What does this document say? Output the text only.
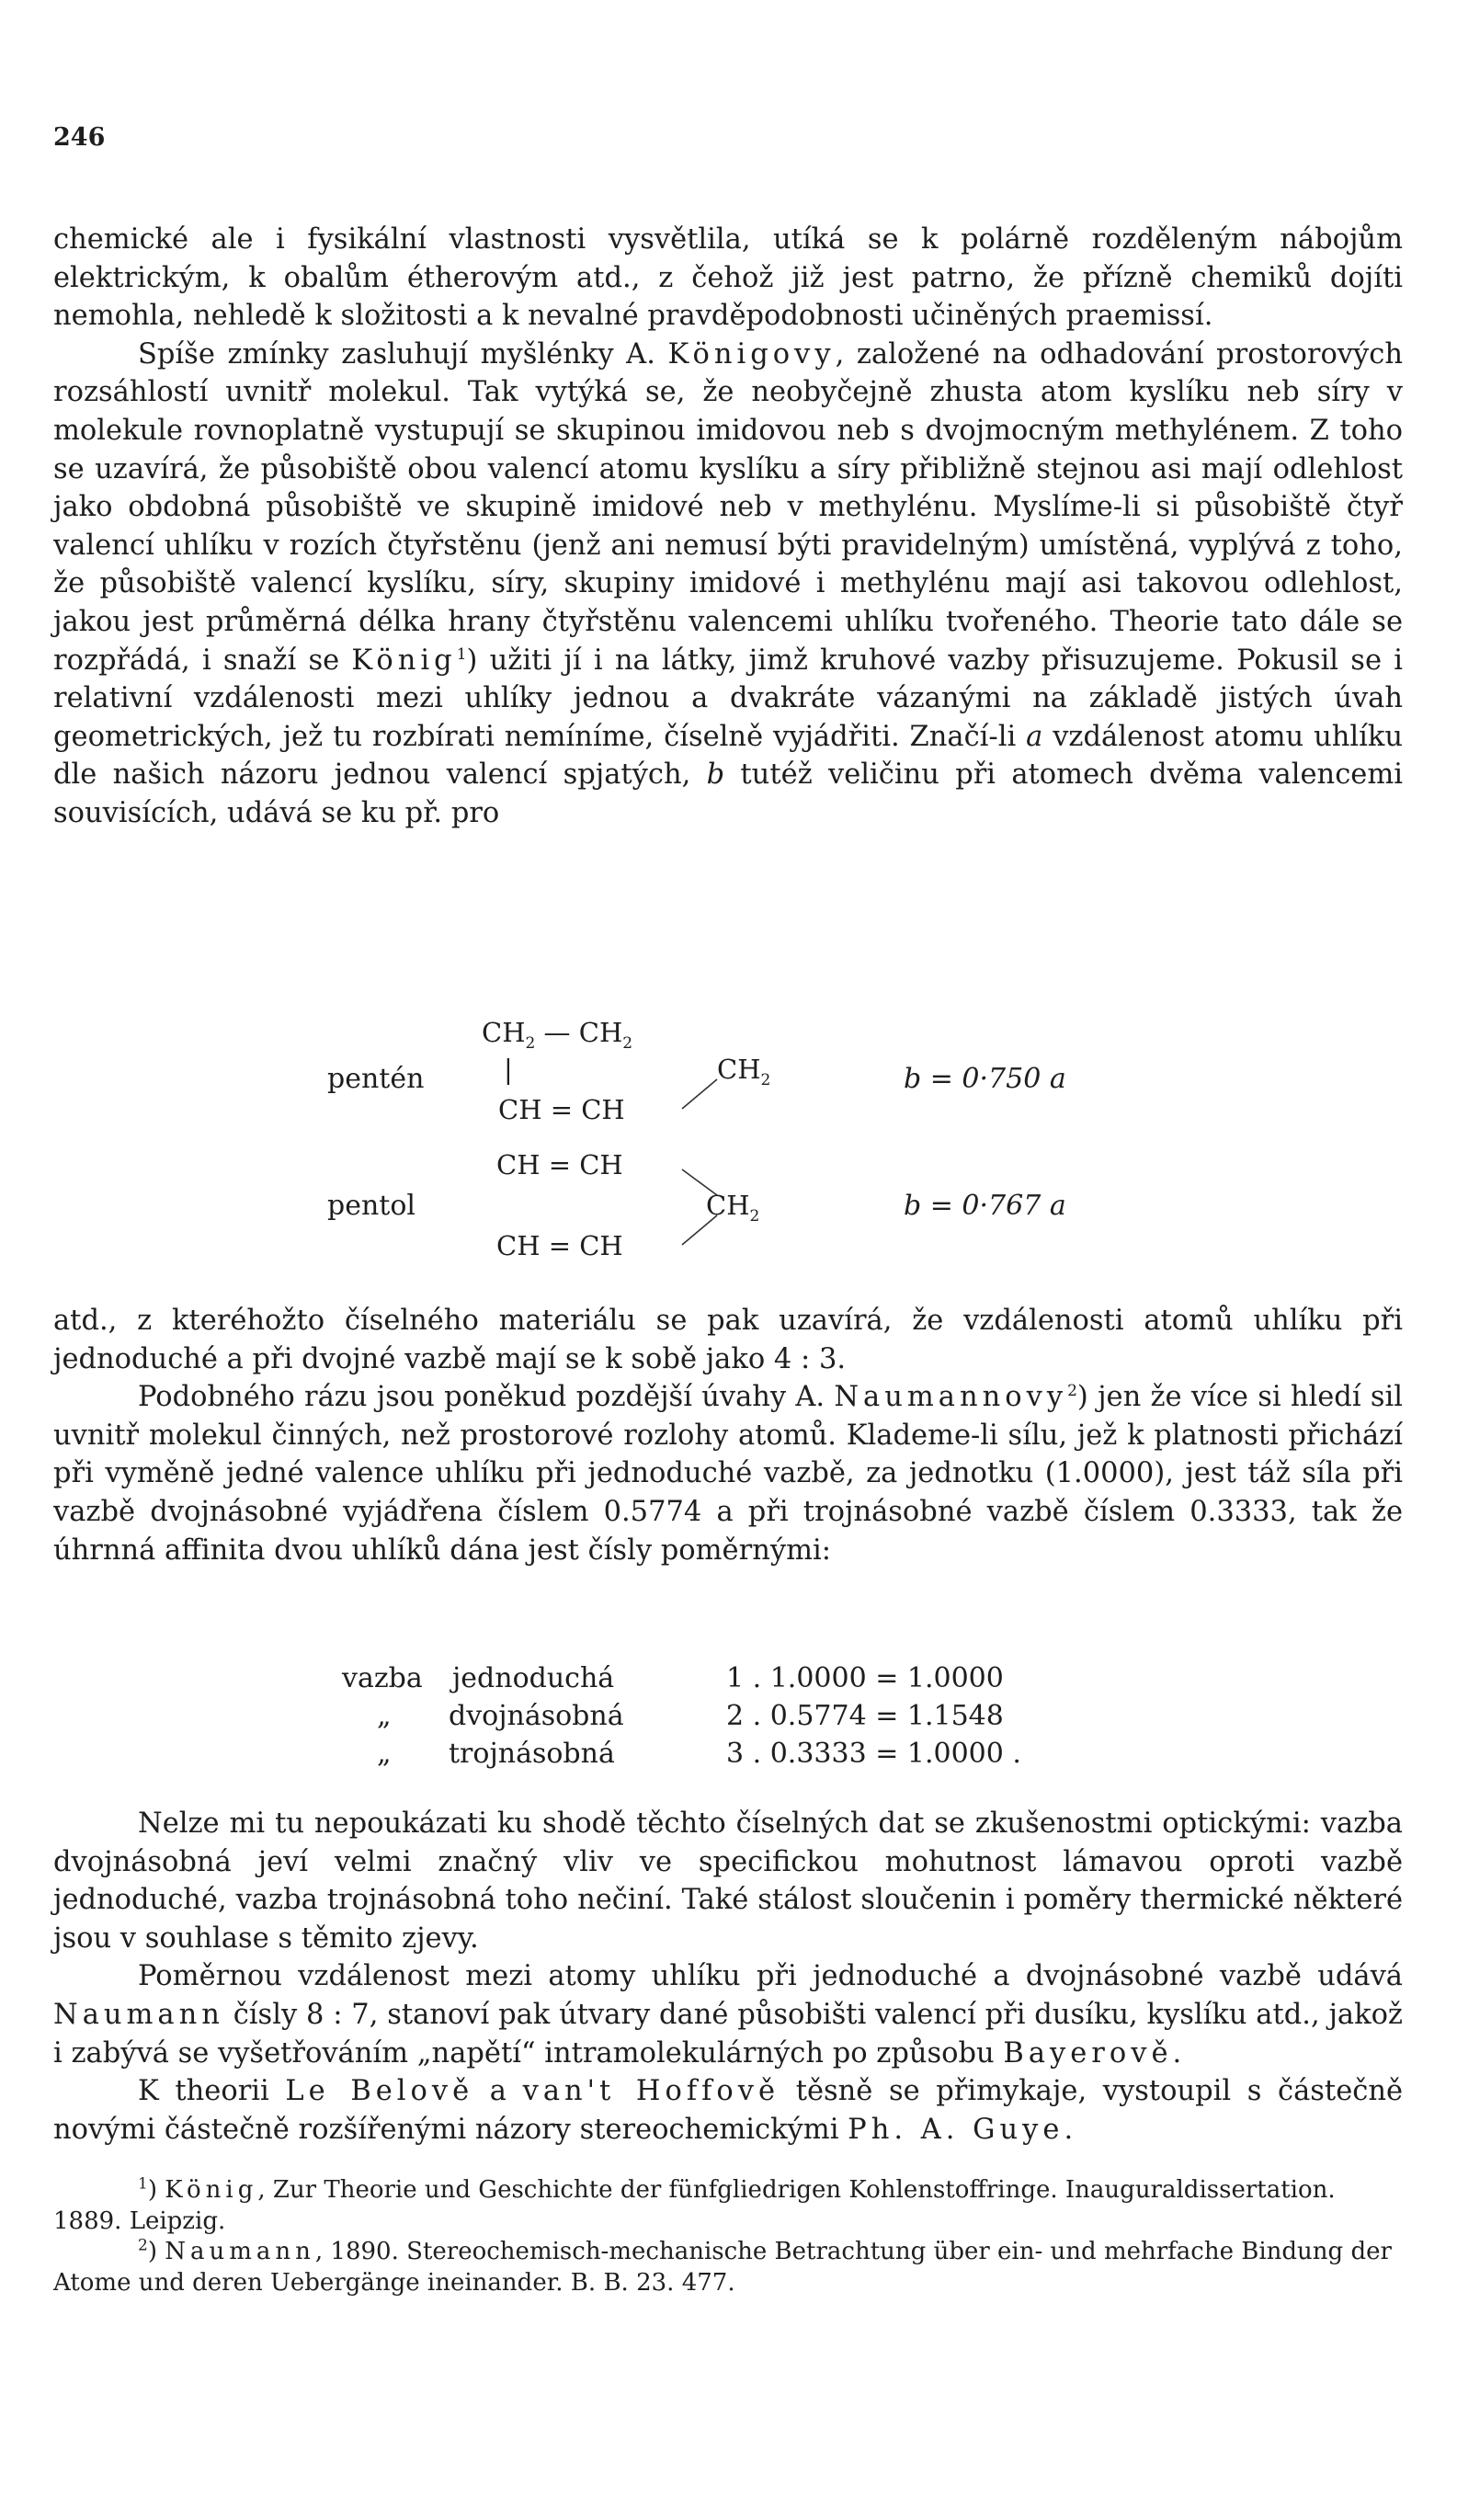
246

chemické ale i fysikální vlastnosti vysvětlila, utíká se k polárně rozděleným nábojům elektrickým, k obalům étherovým atd., z čehož již jest patrno, že přízně chemiků dojíti nemohla, nehledě k složitosti a k nevalné pravděpodobnosti učiněných praemissí.

Spíše zmínky zasluhují myšlénky A. Königovy, založené na odhadování prostorových rozsáhlostí uvnitř molekul. Tak vytýká se, že neobyčejně zhusta atom kyslíku neb síry v molekule rovnoplatně vystupují se skupinou imidovou neb s dvojmocným methylénem. Z toho se uzavírá, že působiště obou valencí atomu kyslíku a síry přibližně stejnou asi mají odlehlost jako obdobná působiště ve skupině imidové neb v methylénu. Myslíme-li si působiště čtyř valencí uhlíku v rozích čtyřstěnu (jenž ani nemusí býti pravidelným) umístěná, vyplývá z toho, že působiště valencí kyslíku, síry, skupiny imidové i methylénu mají asi takovou odlehlost, jakou jest průměrná délka hrany čtyřstěnu valencemi uhlíku tvořeného. Theorie tato dále se rozpřádá, i snaží se König$^1$) užiti jí i na látky, jimž kruhové vazby přisuzujeme. Pokusil se i relativní vzdálenosti mezi uhlíky jednou a dvakráte vázanými na základě jistých úvah geometrických, jež tu rozbírati nemíníme, číselně vyjádřiti. Značí-li a vzdálenost atomu uhlíku dle našich názoru jednou valencí spjatých, b tutéž veličinu při atomech dvěma valencemi souvisících, udává se ku př. pro

pentén
$CH_2$ — $CH_2$
|	$CH_2$
CH = CH
b = 0·750 a
CH = CH
pentol	$CH_2$
CH = CH
b = 0·767 a

atd., z kteréhožto číselného materiálu se pak uzavírá, že vzdálenosti atomů uhlíku při jednoduché a při dvojné vazbě mají se k sobě jako 4 : 3.

Podobného rázu jsou poněkud pozdější úvahy A. Naumannovy$^2$) jen že více si hledí sil uvnitř molekul činných, než prostorové rozlohy atomů. Klademe-li sílu, jež k platnosti přichází při vyměně jedné valence uhlíku při jednoduché vazbě, za jednotku (1.0000), jest táž síla při vazbě dvojnásobné vyjádřena číslem 0.5774 a při trojnásobné vazbě číslem 0.3333, tak že úhrnná affinita dvou uhlíků dána jest čísly poměrnými:

vazba jednoduchá	1 . 1.0000 = 1.0000
„ dvojnásobná	2 . 0.5774 = 1.1548
„ trojnásobná	3 . 0.3333 = 1.0000 .

Nelze mi tu nepoukázati ku shodě těchto číselných dat se zkušenostmi optickými: vazba dvojnásobná jeví velmi značný vliv ve specifickou mohutnost lámavou oproti vazbě jednoduché, vazba trojnásobná toho nečiní. Také stálost sloučenin i poměry thermické některé jsou v souhlase s těmito zjevy.

Poměrnou vzdálenost mezi atomy uhlíku při jednoduché a dvojnásobné vazbě udává Naumann čísly 8 : 7, stanoví pak útvary dané působišti valencí při dusíku, kyslíku atd., jakož i zabývá se vyšetřováním „napětí“ intramolekulárných po způsobu Bayerově.

K theorii Le Belově a van't Hoffově těsně se přimykaje, vystoupil s částečně novými částečně rozšířenými názory stereochemickými Ph. A. Guye.

$^1$) König, Zur Theorie und Geschichte der fünfgliedrigen Kohlenstoffringe. Inauguraldissertation. 1889. Leipzig.

$^2$) Naumann, 1890. Stereochemisch-mechanische Betrachtung über ein- und mehrfache Bindung der Atome und deren Uebergänge ineinander. B. B. 23. 477.
